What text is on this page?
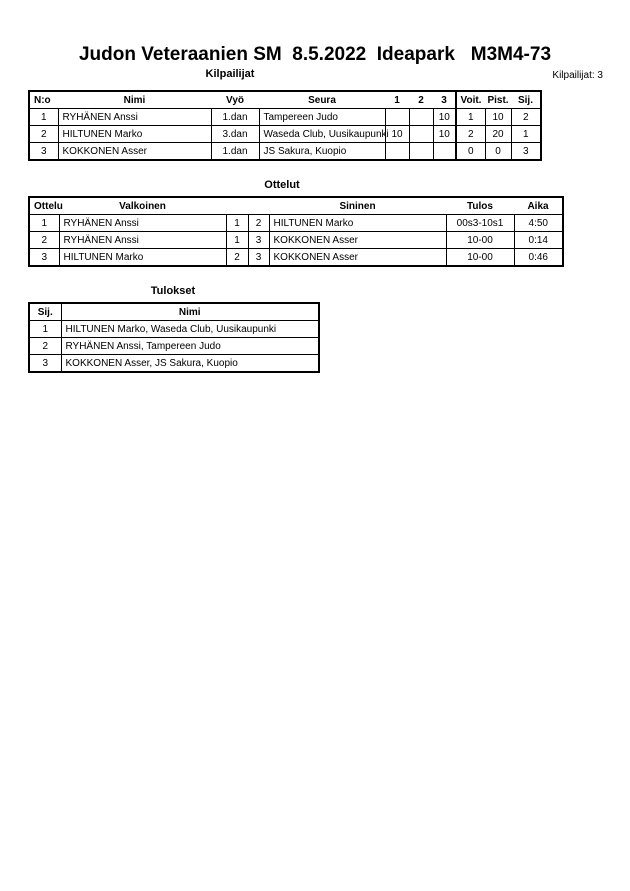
Judon Veteraanien SM  8.5.2022  Ideapark   M3M4-73
Kilpailijat	Kilpailijat: 3
N:o	Nimi	Vyö	Seura	1	2	3	Voit.	Pist.	Sij.
1	RYHÄNEN Anssi	1.dan	Tampereen Judo			10	1	10	2
2	HILTUNEN Marko	3.dan	Waseda Club, Uusikaupunki	10		10	2	20	1
3	KOKKONEN Asser	1.dan	JS Sakura, Kuopio				0	0	3
Ottelut
Ottelu	Valkoinen			Sininen	Tulos	Aika
1	RYHÄNEN Anssi	1	2	HILTUNEN Marko	00s3-10s1	4:50
2	RYHÄNEN Anssi	1	3	KOKKONEN Asser	10-00	0:14
3	HILTUNEN Marko	2	3	KOKKONEN Asser	10-00	0:46
Tulokset
Sij.	Nimi
1	HILTUNEN Marko, Waseda Club, Uusikaupunki
2	RYHÄNEN Anssi, Tampereen Judo
3	KOKKONEN Asser, JS Sakura, Kuopio
